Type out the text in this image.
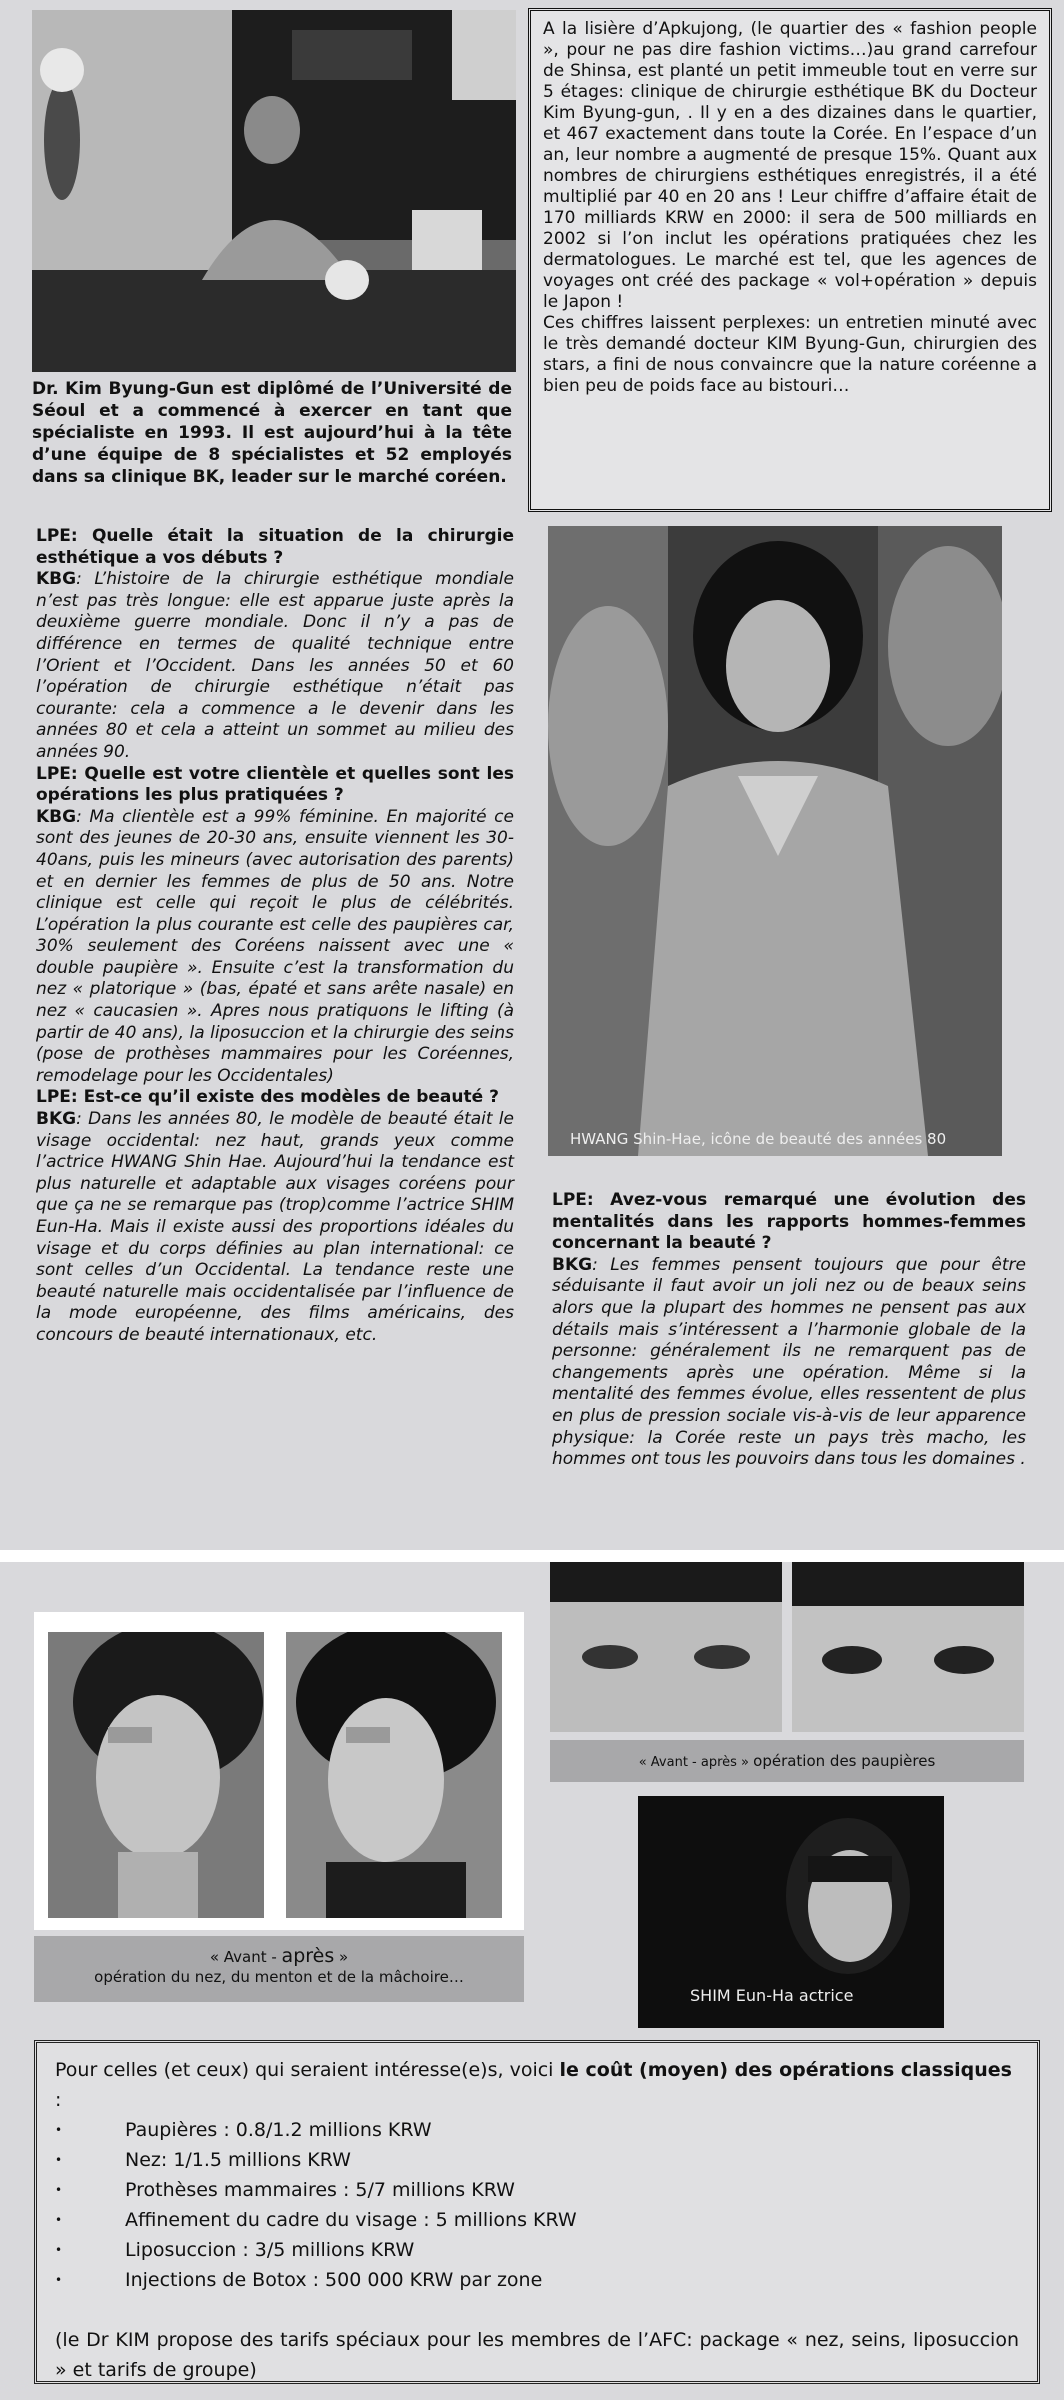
Dr. Kim Byung-Gun est diplômé de l’Université de Séoul et a commencé à exercer en tant que spécialiste en 1993. Il est aujourd’hui à la tête d’une équipe de 8 spécialistes et 52 employés dans sa clinique BK, leader sur le marché coréen.

A la lisière d’Apkujong, (le quartier des « fashion people », pour ne pas dire fashion victims…)au grand carrefour de Shinsa, est planté un petit immeuble tout en verre sur 5 étages: clinique de chirurgie esthétique BK du Docteur Kim Byung-gun, . Il y en a des dizaines dans le quartier, et 467 exactement dans toute la Corée. En l’espace d’un an, leur nombre a augmenté de presque 15%. Quant aux nombres de chirurgiens esthétiques enregistrés, il a été multiplié par 40 en 20 ans ! Leur chiffre d’affaire était de 170 milliards KRW en 2000: il sera de 500 milliards en 2002 si l’on inclut les opérations pratiquées chez les dermatologues. Le marché est tel, que les agences de voyages ont créé des package « vol+opération » depuis le Japon !

Ces chiffres laissent perplexes: un entretien minuté avec le très demandé docteur KIM Byung-Gun, chirurgien des stars, a fini de nous convaincre que la nature coréenne a bien peu de poids face au bistouri…

LPE: Quelle était la situation de la chirurgie esthétique a vos débuts ?

KBG: L’histoire de la chirurgie esthétique mondiale n’est pas très longue: elle est apparue juste après la deuxième guerre mondiale. Donc il n’y a pas de différence en termes de qualité technique entre l’Orient et l’Occident. Dans les années 50 et 60 l’opération de chirurgie esthétique n’était pas courante: cela a commence a le devenir dans les années 80 et cela a atteint un sommet au milieu des années 90.

LPE: Quelle est votre clientèle et quelles sont les opérations les plus pratiquées ?

KBG: Ma clientèle est a 99% féminine. En majorité ce sont des jeunes de 20-30 ans, ensuite viennent les 30-40ans, puis les mineurs (avec autorisation des parents) et en dernier les femmes de plus de 50 ans. Notre clinique est celle qui reçoit le plus de célébrités. L’opération la plus courante est celle des paupières car, 30% seulement des Coréens naissent avec une « double paupière ». Ensuite c’est la transformation du nez « platorique » (bas, épaté et sans arête nasale) en nez « caucasien ». Apres nous pratiquons le lifting (à partir de 40 ans), la liposuccion et la chirurgie des seins (pose de prothèses mammaires pour les Coréennes, remodelage pour les Occidentales)

LPE: Est-ce qu’il existe des modèles de beauté ?

BKG: Dans les années 80, le modèle de beauté était le visage occidental: nez haut, grands yeux comme l’actrice HWANG Shin Hae. Aujourd’hui la tendance est plus naturelle et adaptable aux visages coréens pour que ça ne se remarque pas (trop)comme l’actrice SHIM Eun-Ha. Mais il existe aussi des proportions idéales du visage et du corps définies au plan international: ce sont celles d’un Occidental. La tendance reste une beauté naturelle mais occidentalisée par l’influence de la mode européenne, des films américains, des concours de beauté internationaux, etc.

HWANG Shin-Hae, icône de beauté des années 80

LPE: Avez-vous remarqué une évolution des mentalités dans les rapports hommes-femmes concernant la beauté ?

BKG: Les femmes pensent toujours que pour être séduisante il faut avoir un joli nez ou de beaux seins alors que la plupart des hommes ne pensent pas aux détails mais s’intéressent a l’harmonie globale de la personne: généralement ils ne remarquent pas de changements après une opération. Même si la mentalité des femmes évolue, elles ressentent de plus en plus de pression sociale vis-à-vis de leur apparence physique: la Corée reste un pays très macho, les hommes ont tous les pouvoirs dans tous les domaines .

« Avant - après »
opération du nez, du menton et de la mâchoire…
« Avant - après » opération des paupières
SHIM Eun-Ha actrice
Pour celles (et ceux) qui seraient intéresse(e)s, voici le coût (moyen) des opérations classiques :
• Paupières : 0.8/1.2 millions KRW
• Nez: 1/1.5 millions KRW
• Prothèses mammaires : 5/7 millions KRW
• Affinement du cadre du visage : 5 millions KRW
• Liposuccion : 3/5 millions KRW
• Injections de Botox : 500 000 KRW par zone
(le Dr KIM propose des tarifs spéciaux pour les membres de l’AFC: package « nez, seins, liposuccion » et tarifs de groupe)
